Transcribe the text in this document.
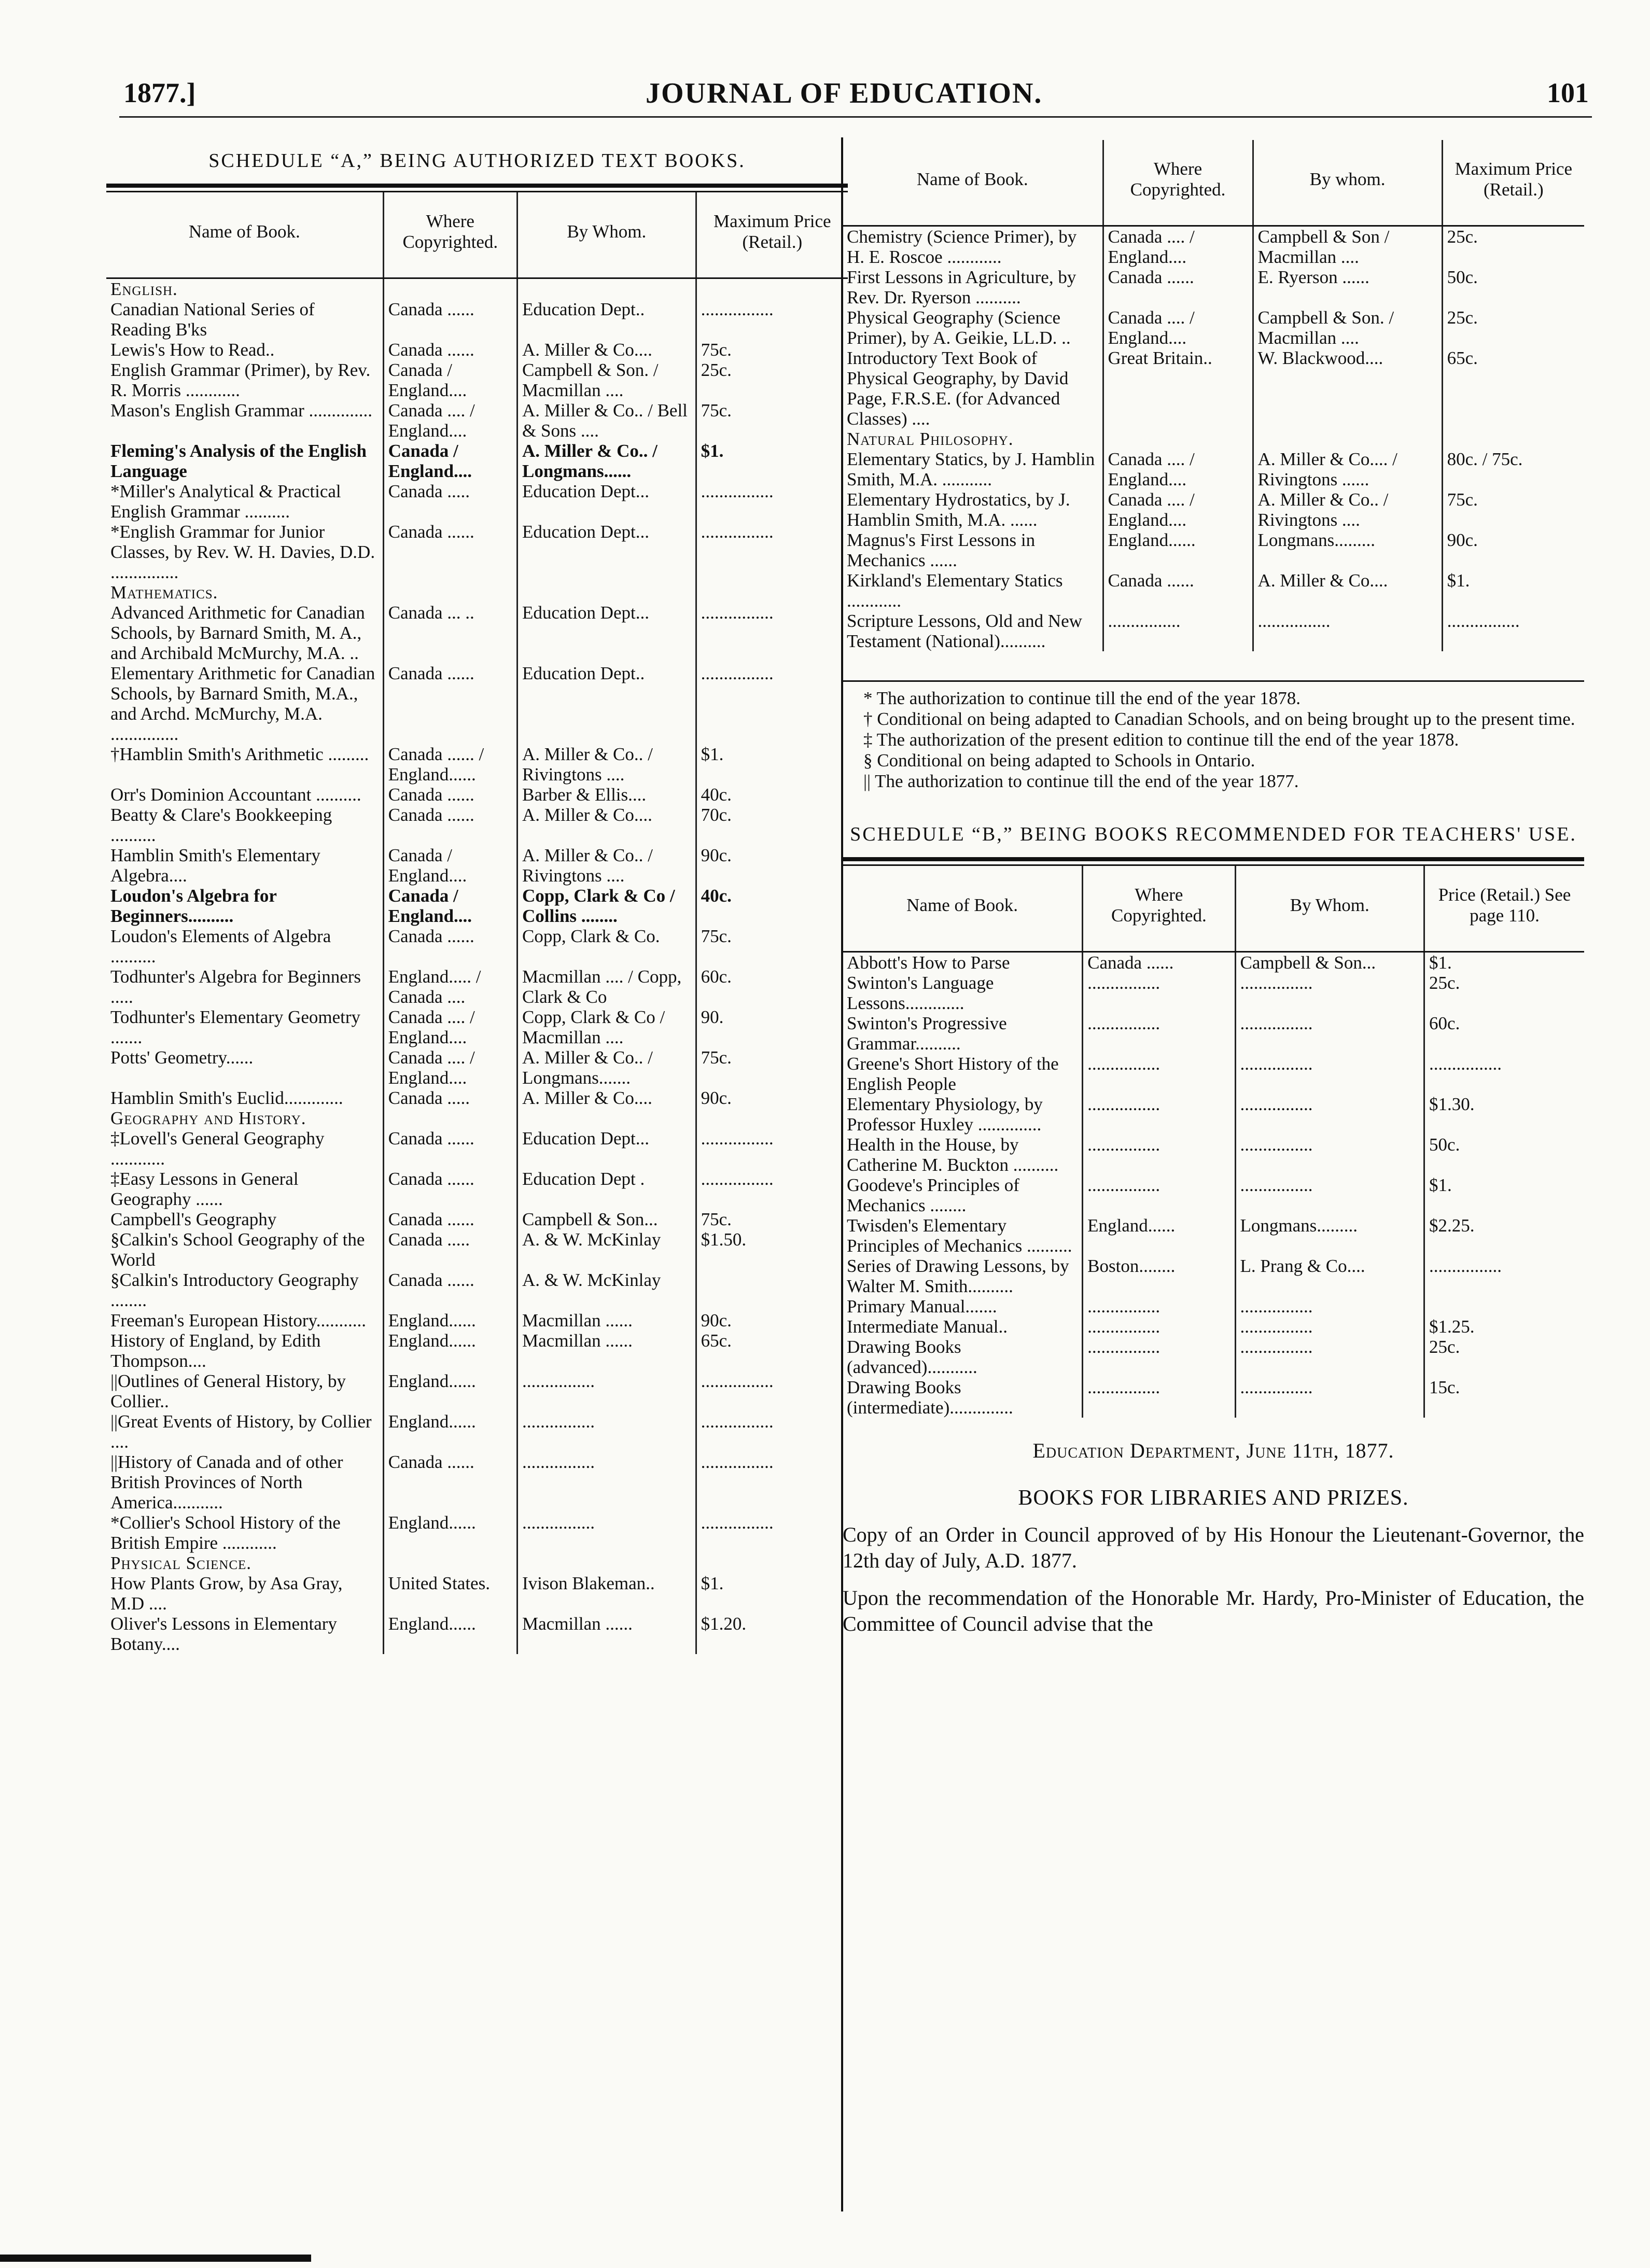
1877.]	JOURNAL OF EDUCATION.	101
SCHEDULE “A,” BEING AUTHORIZED TEXT BOOKS.
Name of Book.	Where Copyrighted.	By Whom.	Maximum Price (Retail.)
English.			
Canadian National Series of Reading B'ks	Canada ......	Education Dept..	................
Lewis's How to Read..	Canada ......	A. Miller & Co....	75c.
English Grammar (Primer), by Rev. R. Morris ............	Canada / England....	Campbell & Son. / Macmillan ....	25c.
Mason's English Grammar ..............	Canada .... / England....	A. Miller & Co.. / Bell & Sons ....	75c.
Fleming's Analysis of the English Language	Canada / England....	A. Miller & Co.. / Longmans......	$1.
*Miller's Analytical & Practical English Grammar ..........	Canada .....	Education Dept...	................
*English Grammar for Junior Classes, by Rev. W. H. Davies, D.D. ...............	Canada ......	Education Dept...	................
Mathematics.			
Advanced Arithmetic for Canadian Schools, by Barnard Smith, M. A., and Archibald McMurchy, M.A. ..	Canada ... ..	Education Dept...	................
Elementary Arithmetic for Canadian Schools, by Barnard Smith, M.A., and Archd. McMurchy, M.A. ...............	Canada ......	Education Dept..	................
†Hamblin Smith's Arithmetic .........	Canada ...... / England......	A. Miller & Co.. / Rivingtons ....	$1.
Orr's Dominion Accountant ..........	Canada ......	Barber & Ellis....	40c.
Beatty & Clare's Bookkeeping ..........	Canada ......	A. Miller & Co....	70c.
Hamblin Smith's Elementary Algebra....	Canada / England....	A. Miller & Co.. / Rivingtons ....	90c.
Loudon's Algebra for Beginners..........	Canada / England....	Copp, Clark & Co / Collins ........	40c.
Loudon's Elements of Algebra ..........	Canada ......	Copp, Clark & Co.	75c.
Todhunter's Algebra for Beginners .....	England..... / Canada ....	Macmillan .... / Copp, Clark & Co	60c.
Todhunter's Elementary Geometry .......	Canada .... / England....	Copp, Clark & Co / Macmillan ....	90.
Potts' Geometry......	Canada .... / England....	A. Miller & Co.. / Longmans.......	75c.
Hamblin Smith's Euclid.............	Canada .....	A. Miller & Co....	90c.
Geography and History.			
‡Lovell's General Geography ............	Canada ......	Education Dept...	................
‡Easy Lessons in General Geography ......	Canada ......	Education Dept .	................
Campbell's Geography	Canada ......	Campbell & Son...	75c.
§Calkin's School Geography of the World	Canada .....	A. & W. McKinlay	$1.50.
§Calkin's Introductory Geography ........	Canada ......	A. & W. McKinlay	
Freeman's European History...........	England......	Macmillan ......	90c.
History of England, by Edith Thompson....	England......	Macmillan ......	65c.
||Outlines of General History, by Collier..	England......	................	................
||Great Events of History, by Collier ....	England......	................	................
||History of Canada and of other British Provinces of North America...........	Canada ......	................	................
*Collier's School History of the British Empire ............	England......	................	................
Physical Science.			
How Plants Grow, by Asa Gray, M.D ....	United States.	Ivison Blakeman..	$1.
Oliver's Lessons in Elementary Botany....	England......	Macmillan ......	$1.20.
Name of Book.	Where Copyrighted.	By whom.	Maximum Price (Retail.)
Chemistry (Science Primer), by H. E. Roscoe ............	Canada .... / England....	Campbell & Son / Macmillan ....	25c.
First Lessons in Agriculture, by Rev. Dr. Ryerson ..........	Canada ......	E. Ryerson ......	50c.
Physical Geography (Science Primer), by A. Geikie, LL.D. ..	Canada .... / England....	Campbell & Son. / Macmillan ....	25c.
Introductory Text Book of Physical Geography, by David Page, F.R.S.E. (for Advanced Classes) ....	Great Britain..	W. Blackwood....	65c.
Natural Philosophy.			
Elementary Statics, by J. Hamblin Smith, M.A. ...........	Canada .... / England....	A. Miller & Co.... / Rivingtons ......	80c. / 75c.
Elementary Hydrostatics, by J. Hamblin Smith, M.A. ......	Canada .... / England....	A. Miller & Co.. / Rivingtons ....	75c.
Magnus's First Lessons in Mechanics ......	England......	Longmans.........	90c.
Kirkland's Elementary Statics ............	Canada ......	A. Miller & Co....	$1.
Scripture Lessons, Old and New Testament (National)..........	................	................	................
* The authorization to continue till the end of the year 1878.
† Conditional on being adapted to Canadian Schools, and on being brought up to the present time.
‡ The authorization of the present edition to continue till the end of the year 1878.
§ Conditional on being adapted to Schools in Ontario.
|| The authorization to continue till the end of the year 1877.
SCHEDULE “B,” BEING BOOKS RECOMMENDED FOR TEACHERS' USE.
Name of Book.	Where Copyrighted.	By Whom.	Price (Retail.) See page 110.
Abbott's How to Parse	Canada ......	Campbell & Son...	$1.
Swinton's Language Lessons.............	................	................	25c.
Swinton's Progressive Grammar..........	................	................	60c.
Greene's Short History of the English People	................	................	................
Elementary Physiology, by Professor Huxley ..............	................	................	$1.30.
Health in the House, by Catherine M. Buckton ..........	................	................	50c.
Goodeve's Principles of Mechanics ........	................	................	$1.
Twisden's Elementary Principles of Mechanics ..........	England......	Longmans.........	$2.25.
Series of Drawing Lessons, by Walter M. Smith..........	Boston........	L. Prang & Co....	................
Primary Manual.......	................	................	
Intermediate Manual..	................	................	$1.25.
Drawing Books (advanced)...........	................	................	25c.
Drawing Books (intermediate)..............	................	................	15c.
Education Department, June 11th, 1877.
BOOKS FOR LIBRARIES AND PRIZES.
Copy of an Order in Council approved of by His Honour the Lieutenant-Governor, the 12th day of July, A.D. 1877.
Upon the recommendation of the Honorable Mr. Hardy, Pro-Minister of Education, the Committee of Council advise that the
